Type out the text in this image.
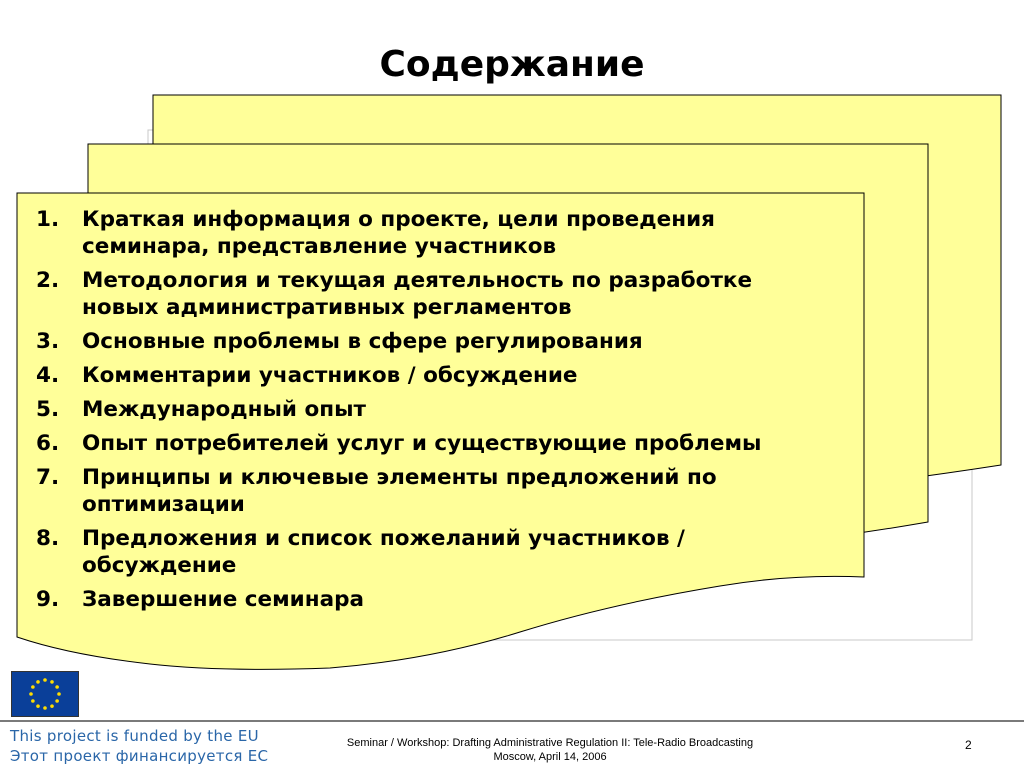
Содержание
1.	Краткая информация о проекте, цели проведения семинара, представление участников
2.	Методология и текущая деятельность по разработке новых административных регламентов
3.	Основные проблемы в сфере регулирования
4.	Комментарии участников / обсуждение
5.	Международный опыт
6.	Опыт потребителей услуг и существующие проблемы
7.	Принципы и ключевые элементы предложений по оптимизации
8.	Предложения и список пожеланий участников / обсуждение
9.	Завершение семинара
This project is funded by the EU
Этот проект финансируется ЕС
Seminar / Workshop: Drafting Administrative Regulation II: Tele-Radio Broadcasting
Moscow, April 14, 2006
2
